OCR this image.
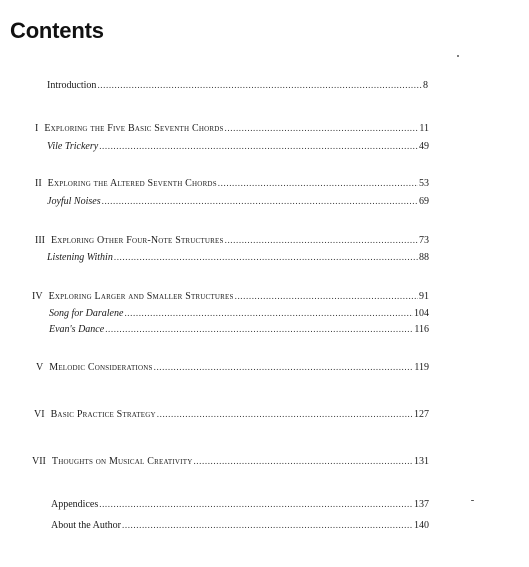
Contents
Introduction .....	8
I Exploring the Five Basic Seventh Chords .....	11
Vile Trickery .....	49
II Exploring the Altered Seventh Chords .....	53
Joyful Noises .....	69
III Exploring Other Four-Note Structures .....	73
Listening Within .....	88
IV Exploring Larger and Smaller Structures .....	91
Song for Daralene .....	104
Evan's Dance .....	116
V Melodic Considerations .....	119
VI Basic Practice Strategy .....	127
VII Thoughts on Musical Creativity .....	131
Appendices .....	137
About the Author .....	140
